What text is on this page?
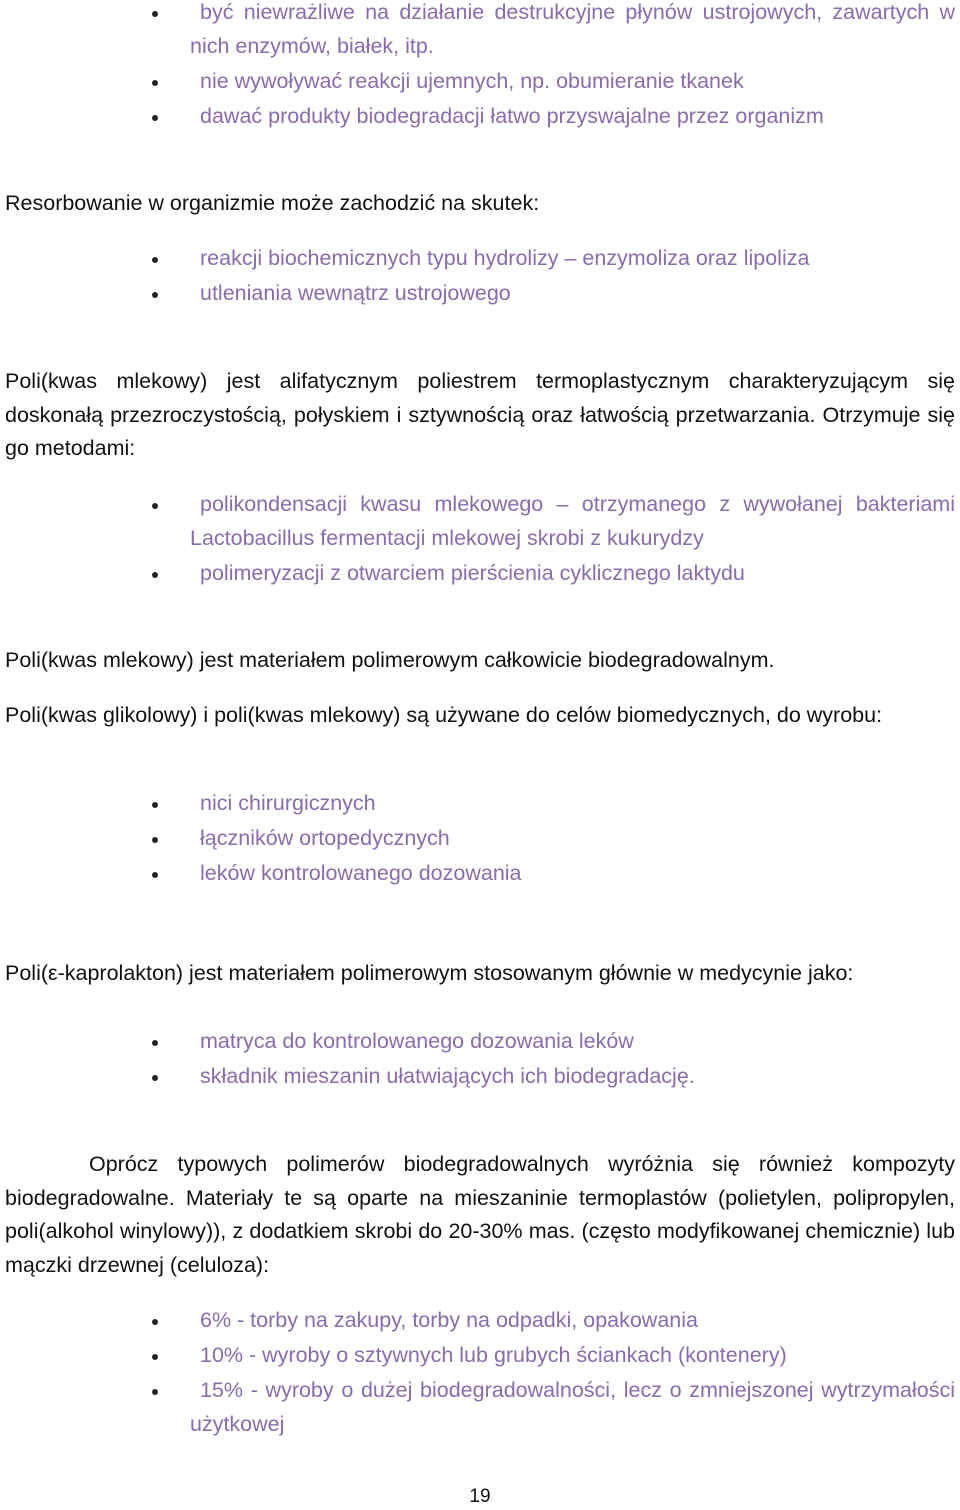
być niewrażliwe na działanie destrukcyjne płynów ustrojowych, zawartych w nich enzymów, białek, itp.
nie wywoływać reakcji ujemnych, np. obumieranie tkanek
dawać produkty biodegradacji łatwo przyswajalne przez organizm

Resorbowanie w organizmie może zachodzić na skutek:

reakcji biochemicznych typu hydrolizy – enzymoliza oraz lipoliza
utleniania wewnątrz ustrojowego

Poli(kwas mlekowy) jest alifatycznym poliestrem termoplastycznym charakteryzującym się doskonałą przezroczystością, połyskiem i sztywnością oraz łatwością przetwarzania. Otrzymuje się go metodami:

polikondensacji kwasu mlekowego – otrzymanego z wywołanej bakteriami Lactobacillus fermentacji mlekowej skrobi z kukurydzy
polimeryzacji z otwarciem pierścienia cyklicznego laktydu

Poli(kwas mlekowy) jest materiałem polimerowym całkowicie biodegradowalnym.

Poli(kwas glikolowy) i poli(kwas mlekowy) są używane do celów biomedycznych, do wyrobu:

nici chirurgicznych
łączników ortopedycznych
leków kontrolowanego dozowania

Poli(ε-kaprolakton) jest materiałem polimerowym stosowanym głównie w medycynie jako:

matryca do kontrolowanego dozowania leków
składnik mieszanin ułatwiających ich biodegradację.

Oprócz typowych polimerów biodegradowalnych wyróżnia się również kompozyty biodegradowalne. Materiały te są oparte na mieszaninie termoplastów (polietylen, polipropylen, poli(alkohol winylowy)), z dodatkiem skrobi do 20-30% mas. (często modyfikowanej chemicznie) lub mączki drzewnej (celuloza):

6% - torby na zakupy, torby na odpadki, opakowania
10% - wyroby o sztywnych lub grubych ściankach (kontenery)
15% - wyroby o dużej biodegradowalności, lecz o zmniejszonej wytrzymałości użytkowej
19
